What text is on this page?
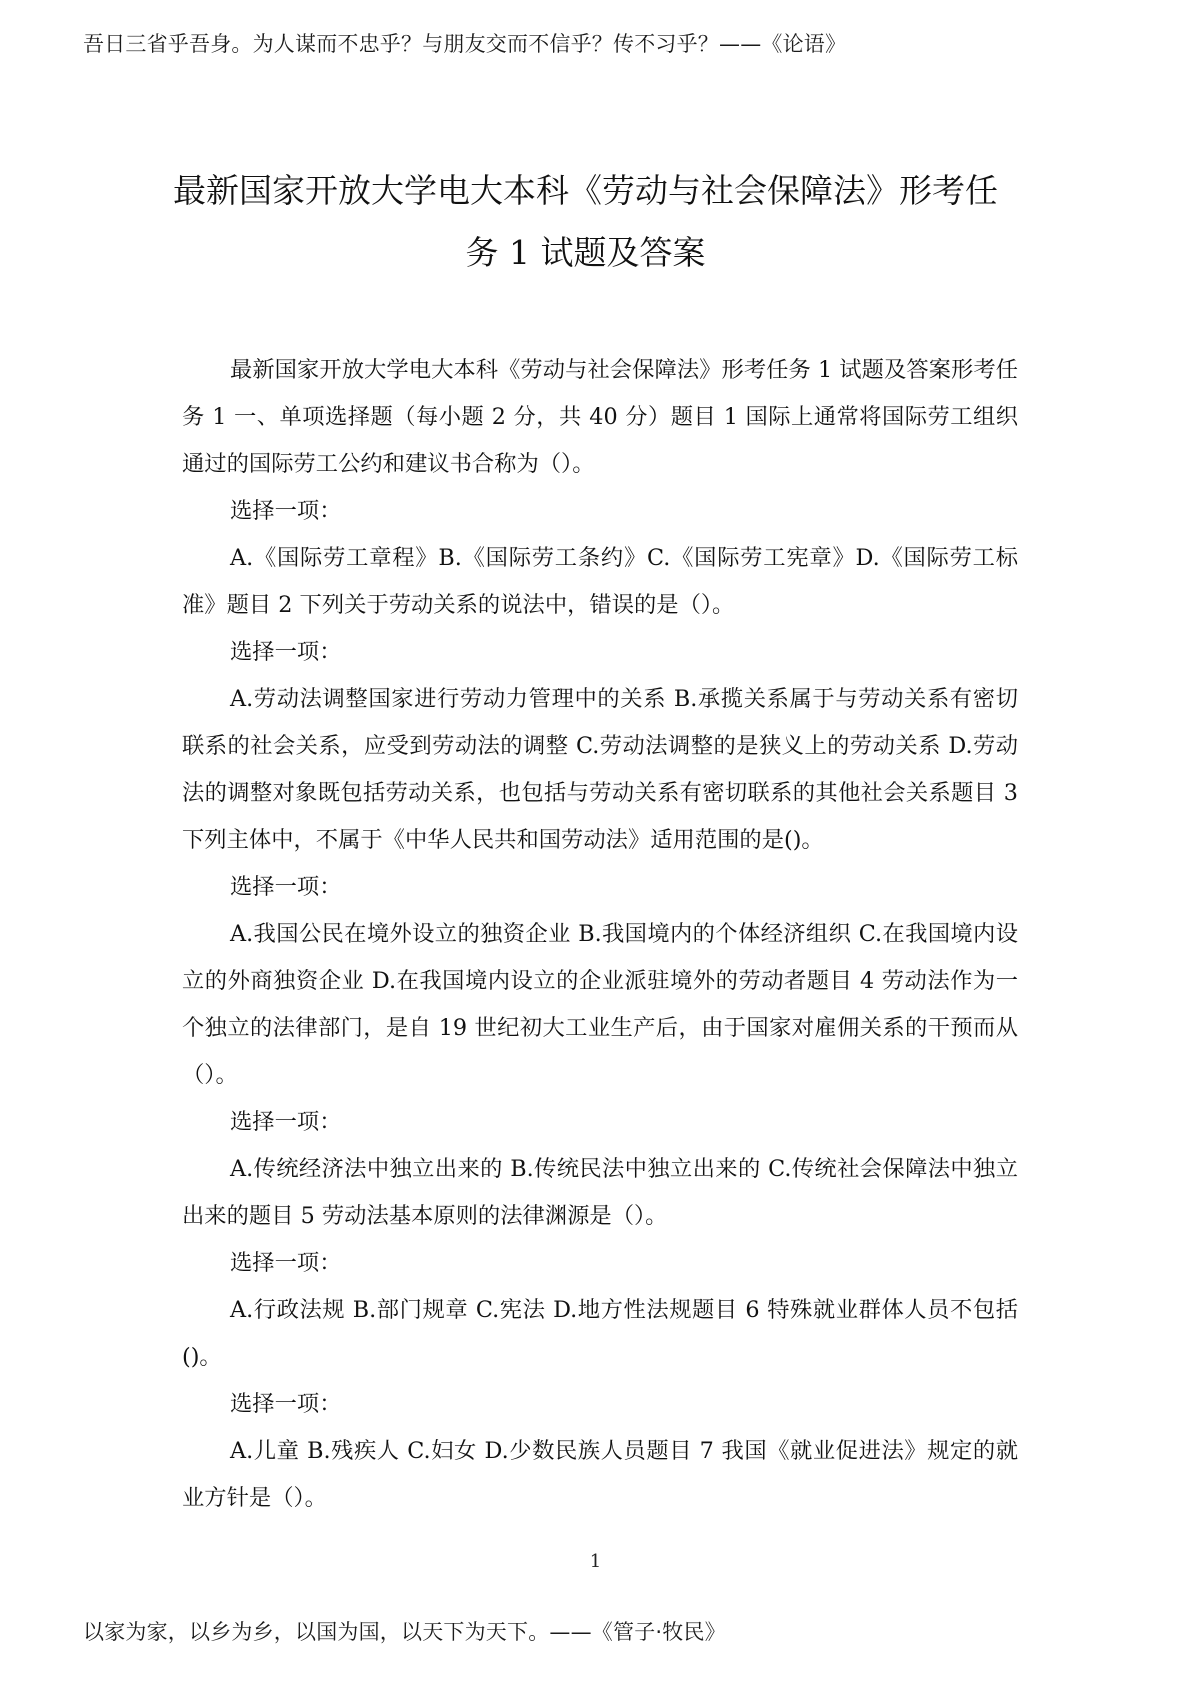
吾日三省乎吾身。为人谋而不忠乎？与朋友交而不信乎？传不习乎？——《论语》
最新国家开放大学电大本科《劳动与社会保障法》形考任
务 1 试题及答案

最新国家开放大学电大本科《劳动与社会保障法》形考任务 1 试题及答案形考任务 1 一、单项选择题（每小题 2 分，共 40 分）题目 1 国际上通常将国际劳工组织通过的国际劳工公约和建议书合称为（）。

选择一项：

A.《国际劳工章程》B.《国际劳工条约》C.《国际劳工宪章》D.《国际劳工标准》题目 2 下列关于劳动关系的说法中，错误的是（）。

选择一项：

A.劳动法调整国家进行劳动力管理中的关系 B.承揽关系属于与劳动关系有密切联系的社会关系，应受到劳动法的调整 C.劳动法调整的是狭义上的劳动关系 D.劳动法的调整对象既包括劳动关系，也包括与劳动关系有密切联系的其他社会关系题目 3 下列主体中，不属于《中华人民共和国劳动法》适用范围的是()。

选择一项：

A.我国公民在境外设立的独资企业 B.我国境内的个体经济组织 C.在我国境内设立的外商独资企业 D.在我国境内设立的企业派驻境外的劳动者题目 4 劳动法作为一个独立的法律部门，是自 19 世纪初大工业生产后，由于国家对雇佣关系的干预而从（）。

选择一项：

A.传统经济法中独立出来的 B.传统民法中独立出来的 C.传统社会保障法中独立出来的题目 5 劳动法基本原则的法律渊源是（）。

选择一项：

A.行政法规 B.部门规章 C.宪法 D.地方性法规题目 6 特殊就业群体人员不包括()。

选择一项：

A.儿童 B.残疾人 C.妇女 D.少数民族人员题目 7 我国《就业促进法》规定的就业方针是（）。

1
以家为家，以乡为乡，以国为国，以天下为天下。——《管子·牧民》
